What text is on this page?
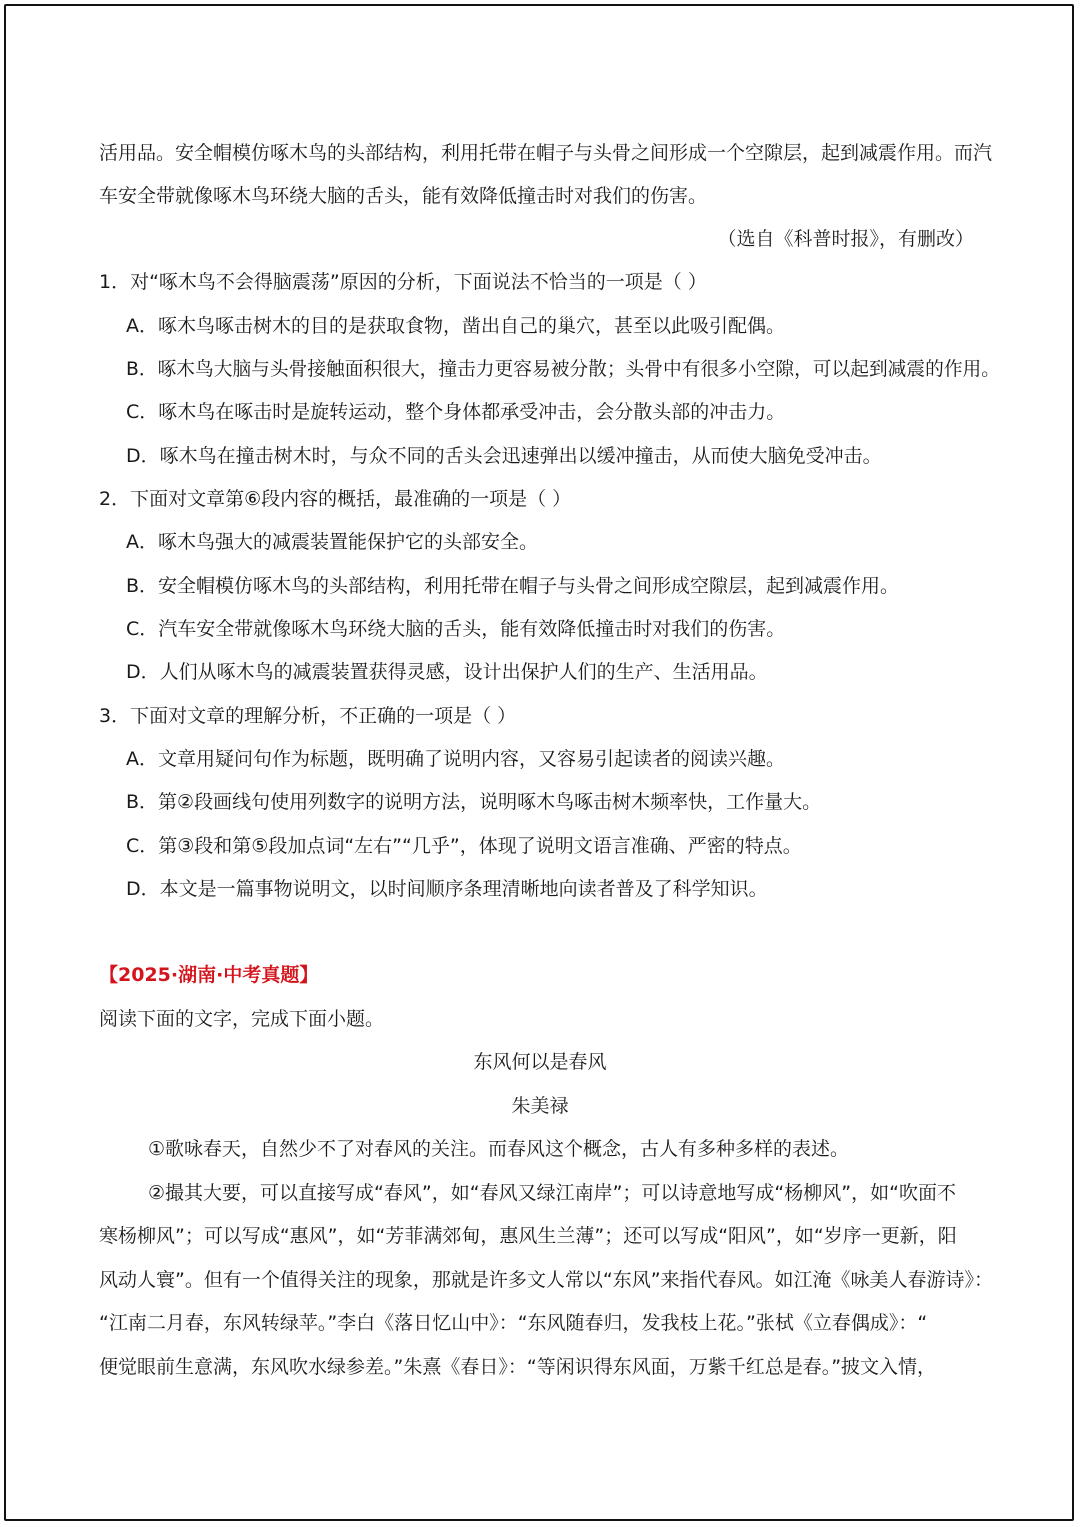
活用品。安全帽模仿啄木鸟的头部结构，利用托带在帽子与头骨之间形成一个空隙层，起到减震作用。而汽
车安全带就像啄木鸟环绕大脑的舌头，能有效降低撞击时对我们的伤害。
（选自《科普时报》，有删改）
1．对“啄木鸟不会得脑震荡”原因的分析，下面说法不恰当的一项是（ ）
A．啄木鸟啄击树木的目的是获取食物，凿出自己的巢穴，甚至以此吸引配偶。
B．啄木鸟大脑与头骨接触面积很大，撞击力更容易被分散；头骨中有很多小空隙，可以起到减震的作用。
C．啄木鸟在啄击时是旋转运动，整个身体都承受冲击，会分散头部的冲击力。
D．啄木鸟在撞击树木时，与众不同的舌头会迅速弹出以缓冲撞击，从而使大脑免受冲击。
2．下面对文章第⑥段内容的概括，最准确的一项是（ ）
A．啄木鸟强大的减震装置能保护它的头部安全。
B．安全帽模仿啄木鸟的头部结构，利用托带在帽子与头骨之间形成空隙层，起到减震作用。
C．汽车安全带就像啄木鸟环绕大脑的舌头，能有效降低撞击时对我们的伤害。
D．人们从啄木鸟的减震装置获得灵感，设计出保护人们的生产、生活用品。
3．下面对文章的理解分析，不正确的一项是（ ）
A．文章用疑问句作为标题，既明确了说明内容，又容易引起读者的阅读兴趣。
B．第②段画线句使用列数字的说明方法，说明啄木鸟啄击树木频率快，工作量大。
C．第③段和第⑤段加点词“左右”“几乎”，体现了说明文语言准确、严密的特点。
D．本文是一篇事物说明文，以时间顺序条理清晰地向读者普及了科学知识。
【2025·湖南·中考真题】
阅读下面的文字，完成下面小题。
东风何以是春风
朱美禄
①歌咏春天，自然少不了对春风的关注。而春风这个概念，古人有多种多样的表述。
②撮其大要，可以直接写成“春风”，如“春风又绿江南岸”；可以诗意地写成“杨柳风”，如“吹面不
寒杨柳风”；可以写成“惠风”，如“芳菲满郊甸，惠风生兰薄”；还可以写成“阳风”，如“岁序一更新，阳
风动人寰”。但有一个值得关注的现象，那就是许多文人常以“东风”来指代春风。如江淹《咏美人春游诗》：
“江南二月春，东风转绿苹。”李白《落日忆山中》：“东风随春归，发我枝上花。”张栻《立春偶成》：“
便觉眼前生意满，东风吹水绿参差。”朱熹《春日》：“等闲识得东风面，万紫千红总是春。”披文入情，
